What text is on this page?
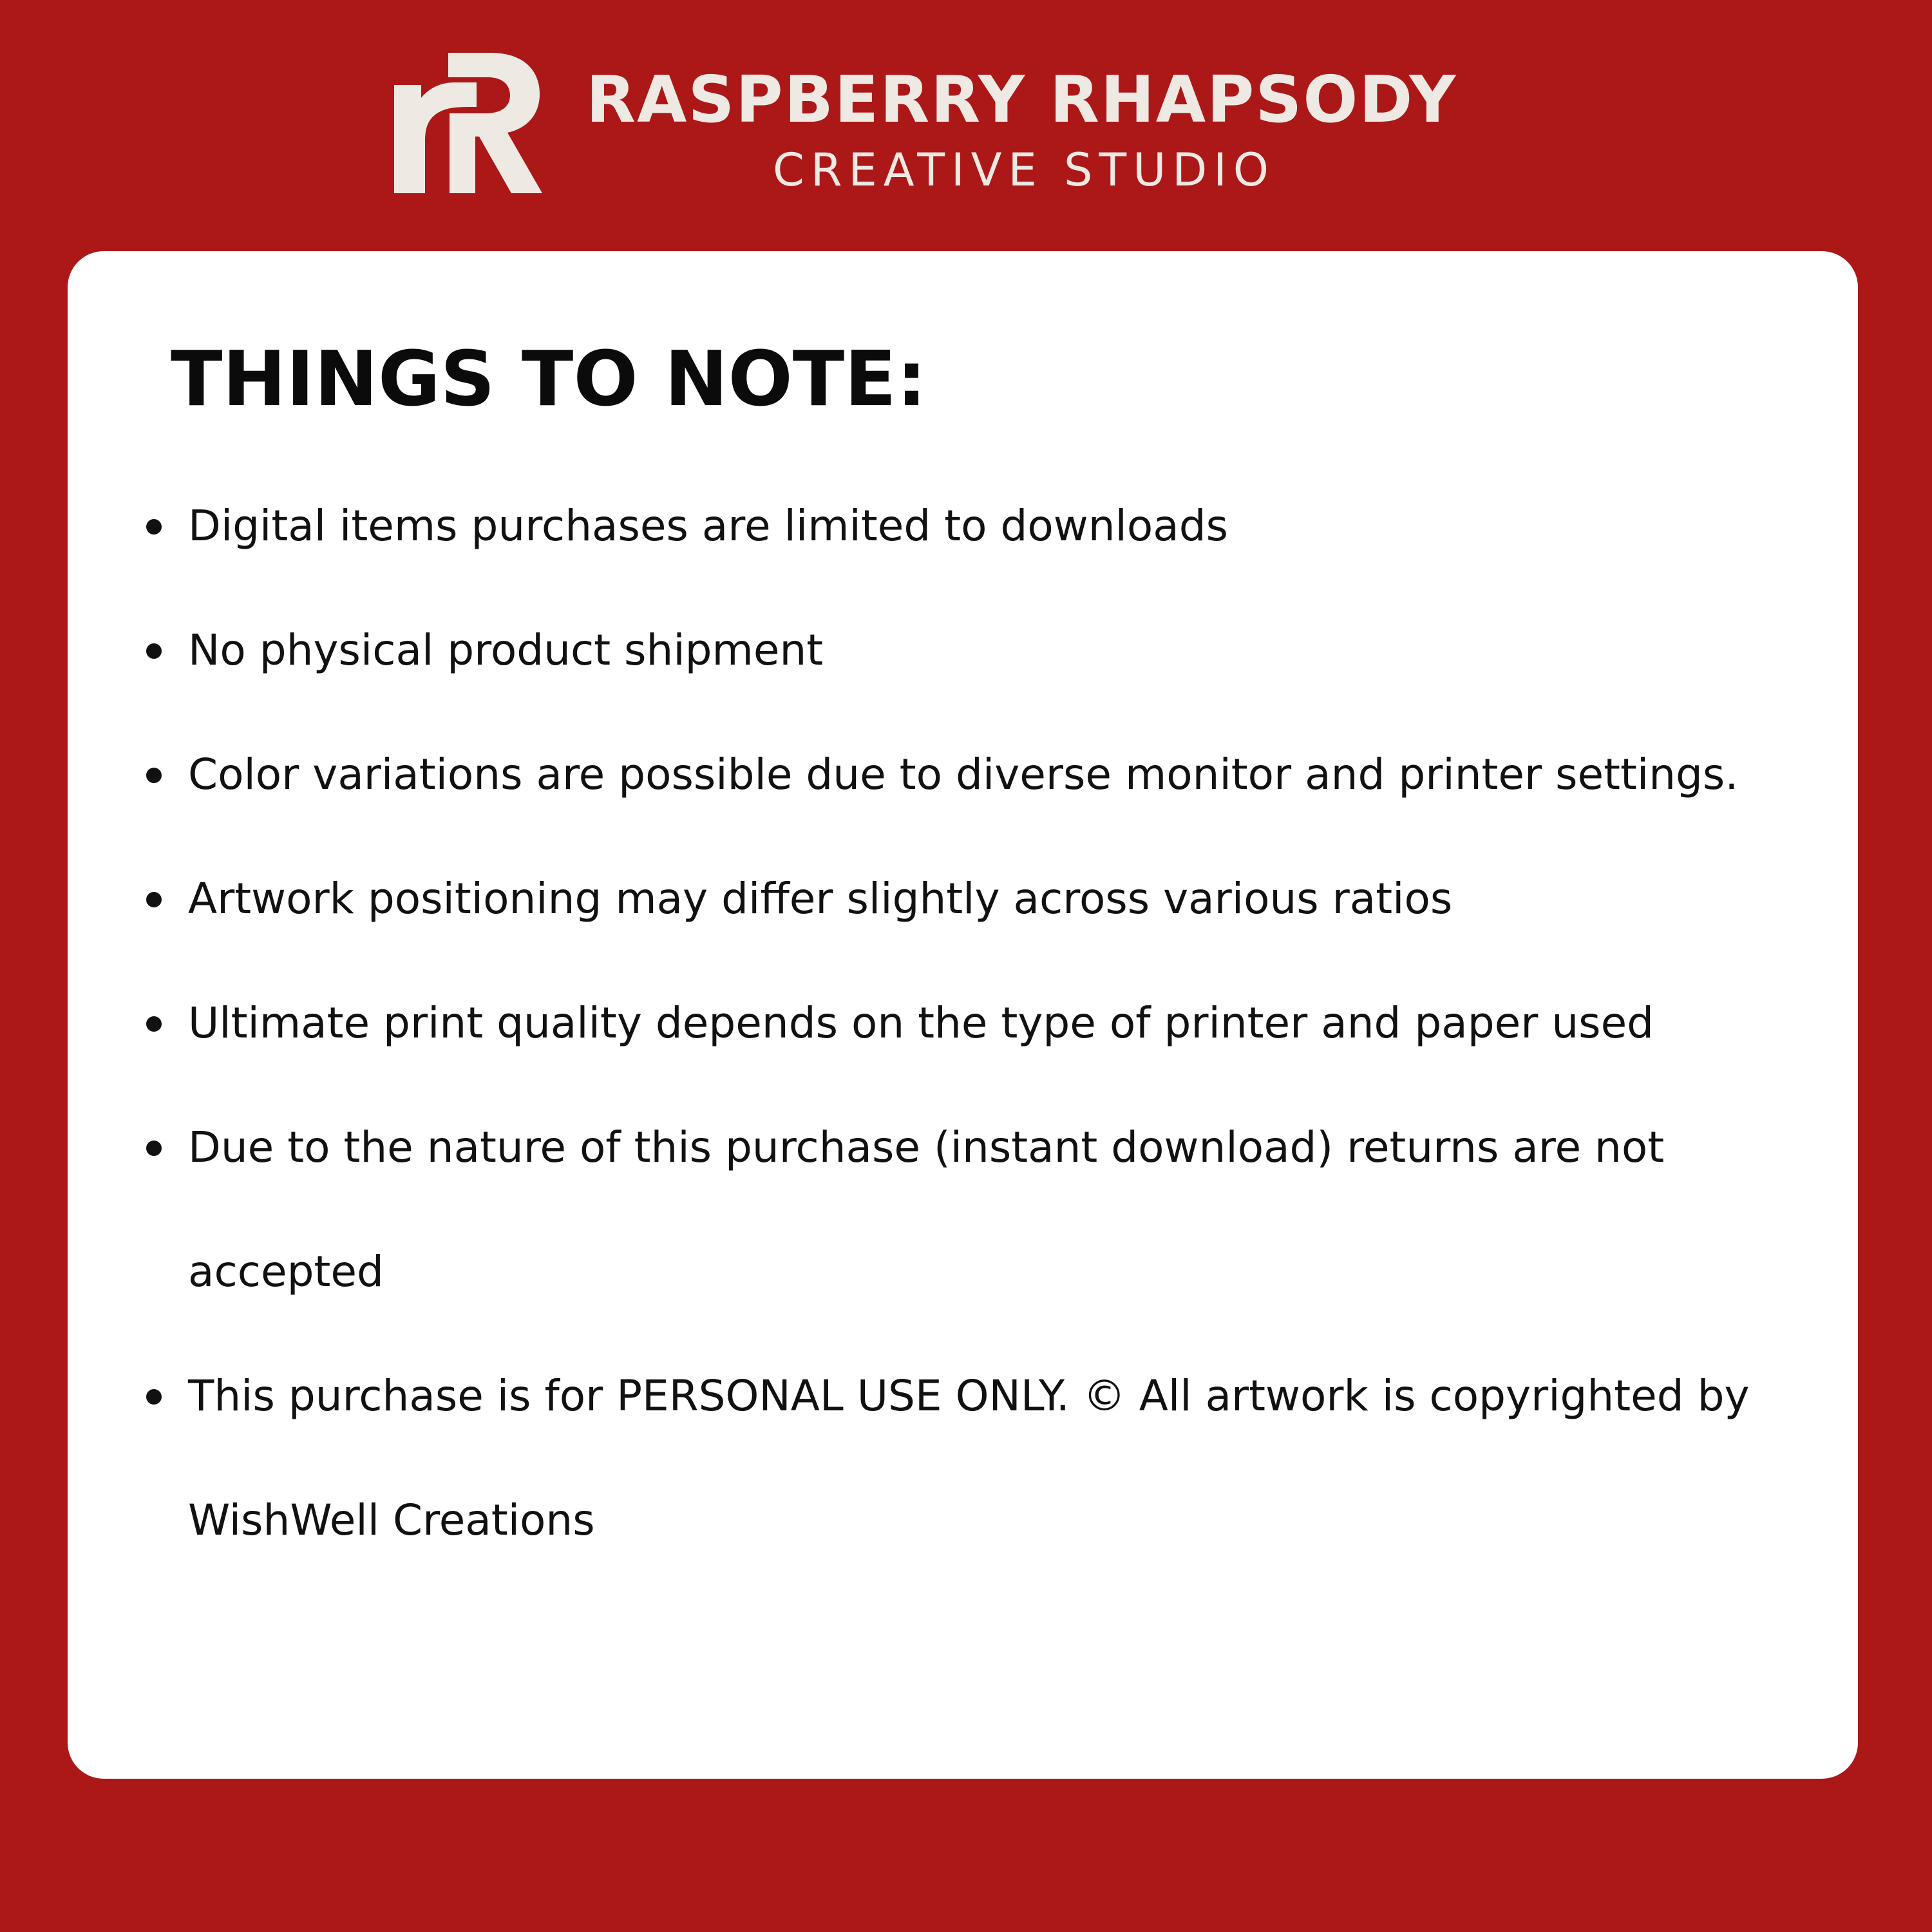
RASPBERRY RHAPSODY
CREATIVE STUDIO
THINGS TO NOTE:
Digital items purchases are limited to downloads
No physical product shipment
Color variations are possible due to diverse monitor and printer settings.
Artwork positioning may differ slightly across various ratios
Ultimate print quality depends on the type of printer and paper used
Due to the nature of this purchase (instant download) returns are not accepted
This purchase is for PERSONAL USE ONLY. © All artwork is copyrighted by WishWell Creations
